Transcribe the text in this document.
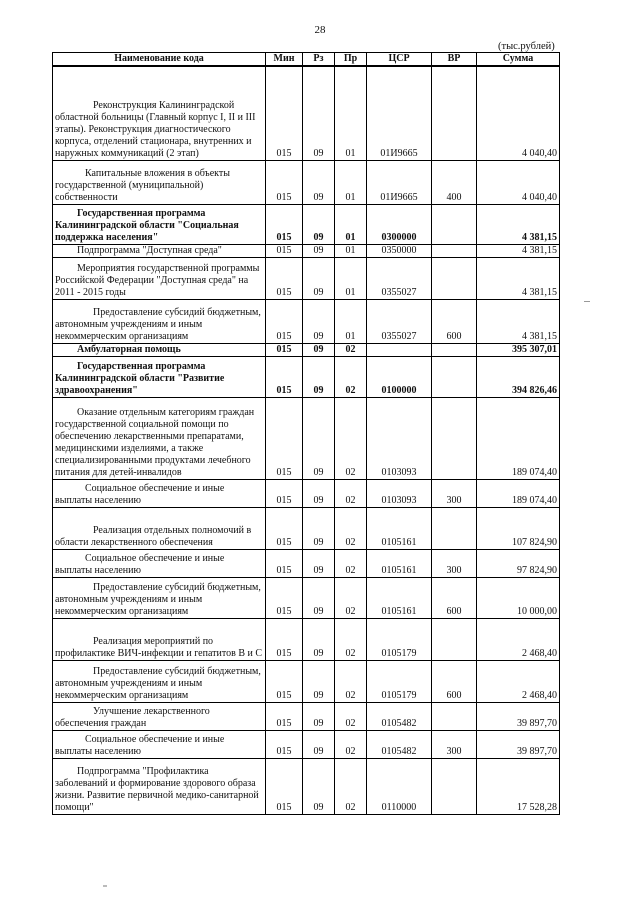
28
(тыс.рублей)
Наименование кода	Мин	Рз	Пр	ЦСР	ВР	Сумма
Реконструкция Калининградской областной больницы (Главный корпус I, II и III этапы). Реконструкция диагностического корпуса, отделений стационара, внутренних и наружных коммуникаций (2 этап)	015	09	01	01И9665		4 040,40
Капитальные вложения в объекты государственной (муниципальной) собственности	015	09	01	01И9665	400	4 040,40
Государственная программа Калининградской области "Социальная поддержка населения"	015	09	01	0300000		4 381,15
Подпрограмма "Доступная среда"	015	09	01	0350000		4 381,15
Мероприятия государственной программы Российской Федерации "Доступная среда" на 2011 - 2015 годы	015	09	01	0355027		4 381,15
Предоставление субсидий бюджетным, автономным учреждениям и иным некоммерческим организациям	015	09	01	0355027	600	4 381,15
Амбулаторная помощь	015	09	02			395 307,01
Государственная программа Калининградской области "Развитие здравоохранения"	015	09	02	0100000		394 826,46
Оказание отдельным категориям граждан государственной социальной помощи по обеспечению лекарственными препаратами, медицинскими изделиями, а также специализированными продуктами лечебного питания для детей-инвалидов	015	09	02	0103093		189 074,40
Социальное обеспечение и иные выплаты населению	015	09	02	0103093	300	189 074,40
Реализация отдельных полномочий в области лекарственного обеспечения	015	09	02	0105161		107 824,90
Социальное обеспечение и иные выплаты населению	015	09	02	0105161	300	97 824,90
Предоставление субсидий бюджетным, автономным учреждениям и иным некоммерческим организациям	015	09	02	0105161	600	10 000,00
Реализация мероприятий по профилактике ВИЧ-инфекции и гепатитов B и C	015	09	02	0105179		2 468,40
Предоставление субсидий бюджетным, автономным учреждениям и иным некоммерческим организациям	015	09	02	0105179	600	2 468,40
Улучшение лекарственного обеспечения граждан	015	09	02	0105482		39 897,70
Социальное обеспечение и иные выплаты населению	015	09	02	0105482	300	39 897,70
Подпрограмма "Профилактика заболеваний и формирование здорового образа жизни. Развитие первичной медико-санитарной помощи"	015	09	02	0110000		17 528,28
